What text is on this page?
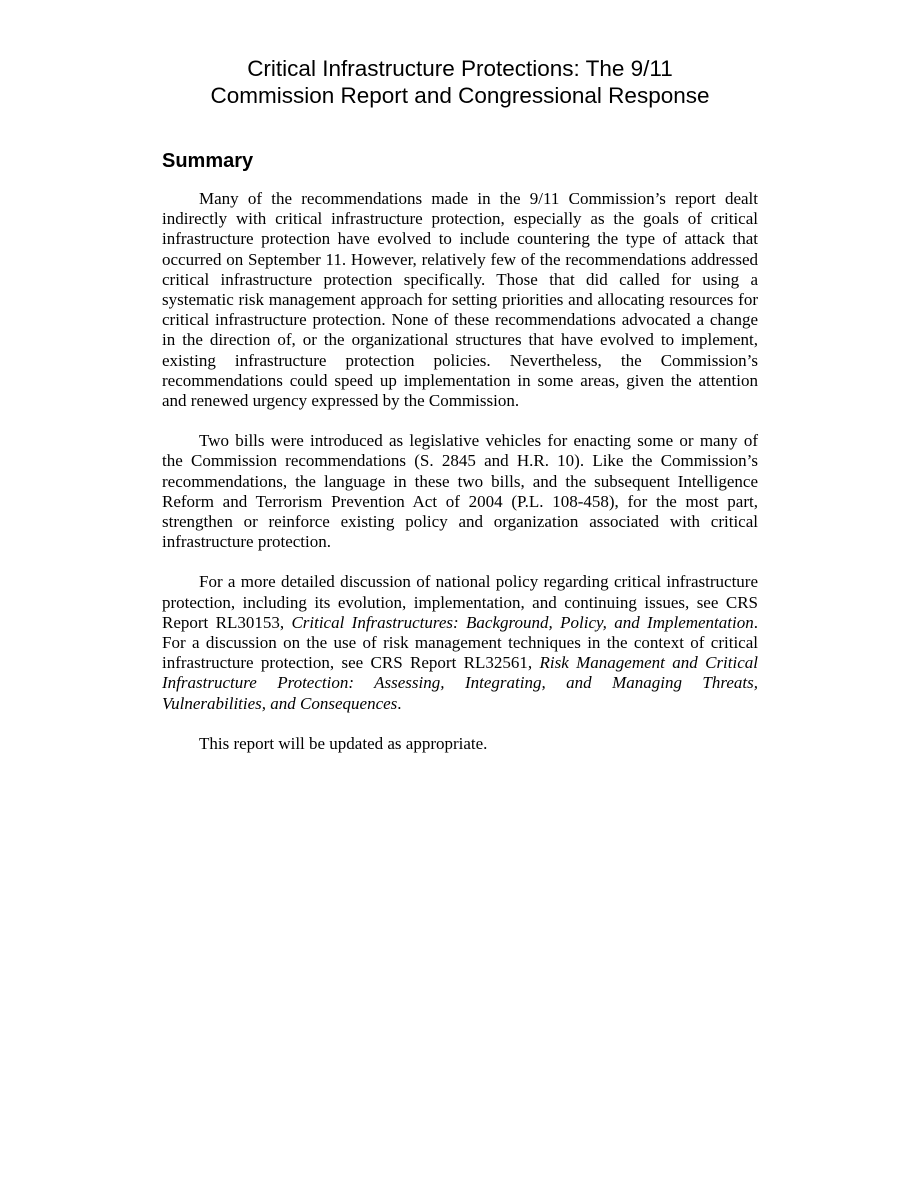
Critical Infrastructure Protections: The 9/11
Commission Report and Congressional Response
Summary

Many of the recommendations made in the 9/11 Commission’s report dealt indirectly with critical infrastructure protection, especially as the goals of critical infrastructure protection have evolved to include countering the type of attack that occurred on September 11. However, relatively few of the recommendations addressed critical infrastructure protection specifically. Those that did called for using a systematic risk management approach for setting priorities and allocating resources for critical infrastructure protection. None of these recommendations advocated a change in the direction of, or the organizational structures that have evolved to implement, existing infrastructure protection policies. Nevertheless, the Commission’s recommendations could speed up implementation in some areas, given the attention and renewed urgency expressed by the Commission.

Two bills were introduced as legislative vehicles for enacting some or many of the Commission recommendations (S. 2845 and H.R. 10). Like the Commission’s recommendations, the language in these two bills, and the subsequent Intelligence Reform and Terrorism Prevention Act of 2004 (P.L. 108-458), for the most part, strengthen or reinforce existing policy and organization associated with critical infrastructure protection.

For a more detailed discussion of national policy regarding critical infrastructure protection, including its evolution, implementation, and continuing issues, see CRS Report RL30153, Critical Infrastructures: Background, Policy, and Implementation. For a discussion on the use of risk management techniques in the context of critical infrastructure protection, see CRS Report RL32561, Risk Management and Critical Infrastructure Protection: Assessing, Integrating, and Managing Threats, Vulnerabilities, and Consequences.

This report will be updated as appropriate.
